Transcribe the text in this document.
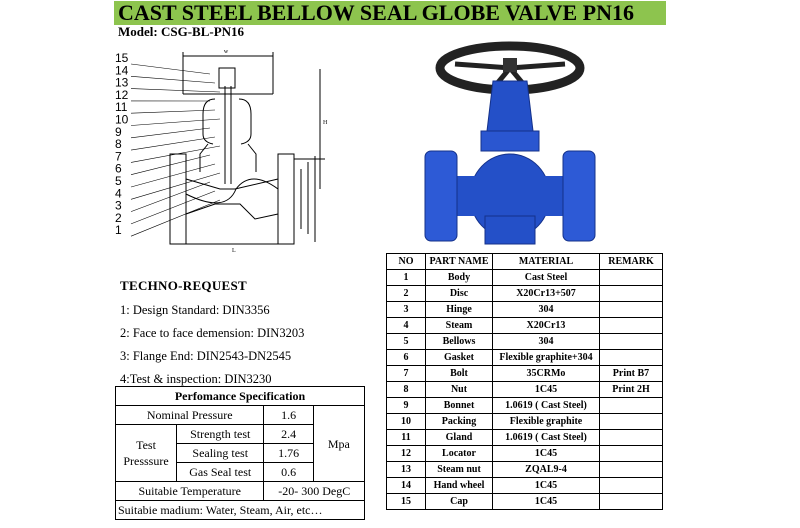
CAST STEEL BELLOW SEAL GLOBE VALVE PN16
Model: CSG-BL-PN16
w
H
L
15
14
13
12
11
10
9
8
7
6
5
4
3
2
1
TECHNO-REQUEST
1: Design Standard: DIN3356
2: Face to face demension: DIN3203
3: Flange End: DIN2543-DN2545
4:Test & inspection: DIN3230
Perfomance Specification			
Nominal Pressure		1.6	Mpa
Test Presssure	Strength test	2.4	
	Sealing test	1.76	
	Gas Seal test	0.6	
Suitabie Temperature		-20- 300 DegC	
Suitabie madium: Water, Steam, Air, etc…			
NO	PART NAME	MATERIAL	REMARK
1	Body	Cast Steel	
2	Disc	X20Cr13+507	
3	Hinge	304	
4	Steam	X20Cr13	
5	Bellows	304	
6	Gasket	Flexible graphite+304	
7	Bolt	35CRMo	Print B7
8	Nut	1C45	Print 2H
9	Bonnet	1.0619 ( Cast Steel)	
10	Packing	Flexible graphite	
11	Gland	1.0619 ( Cast Steel)	
12	Locator	1C45	
13	Steam nut	ZQAL9-4	
14	Hand wheel	1C45	
15	Cap	1C45	
